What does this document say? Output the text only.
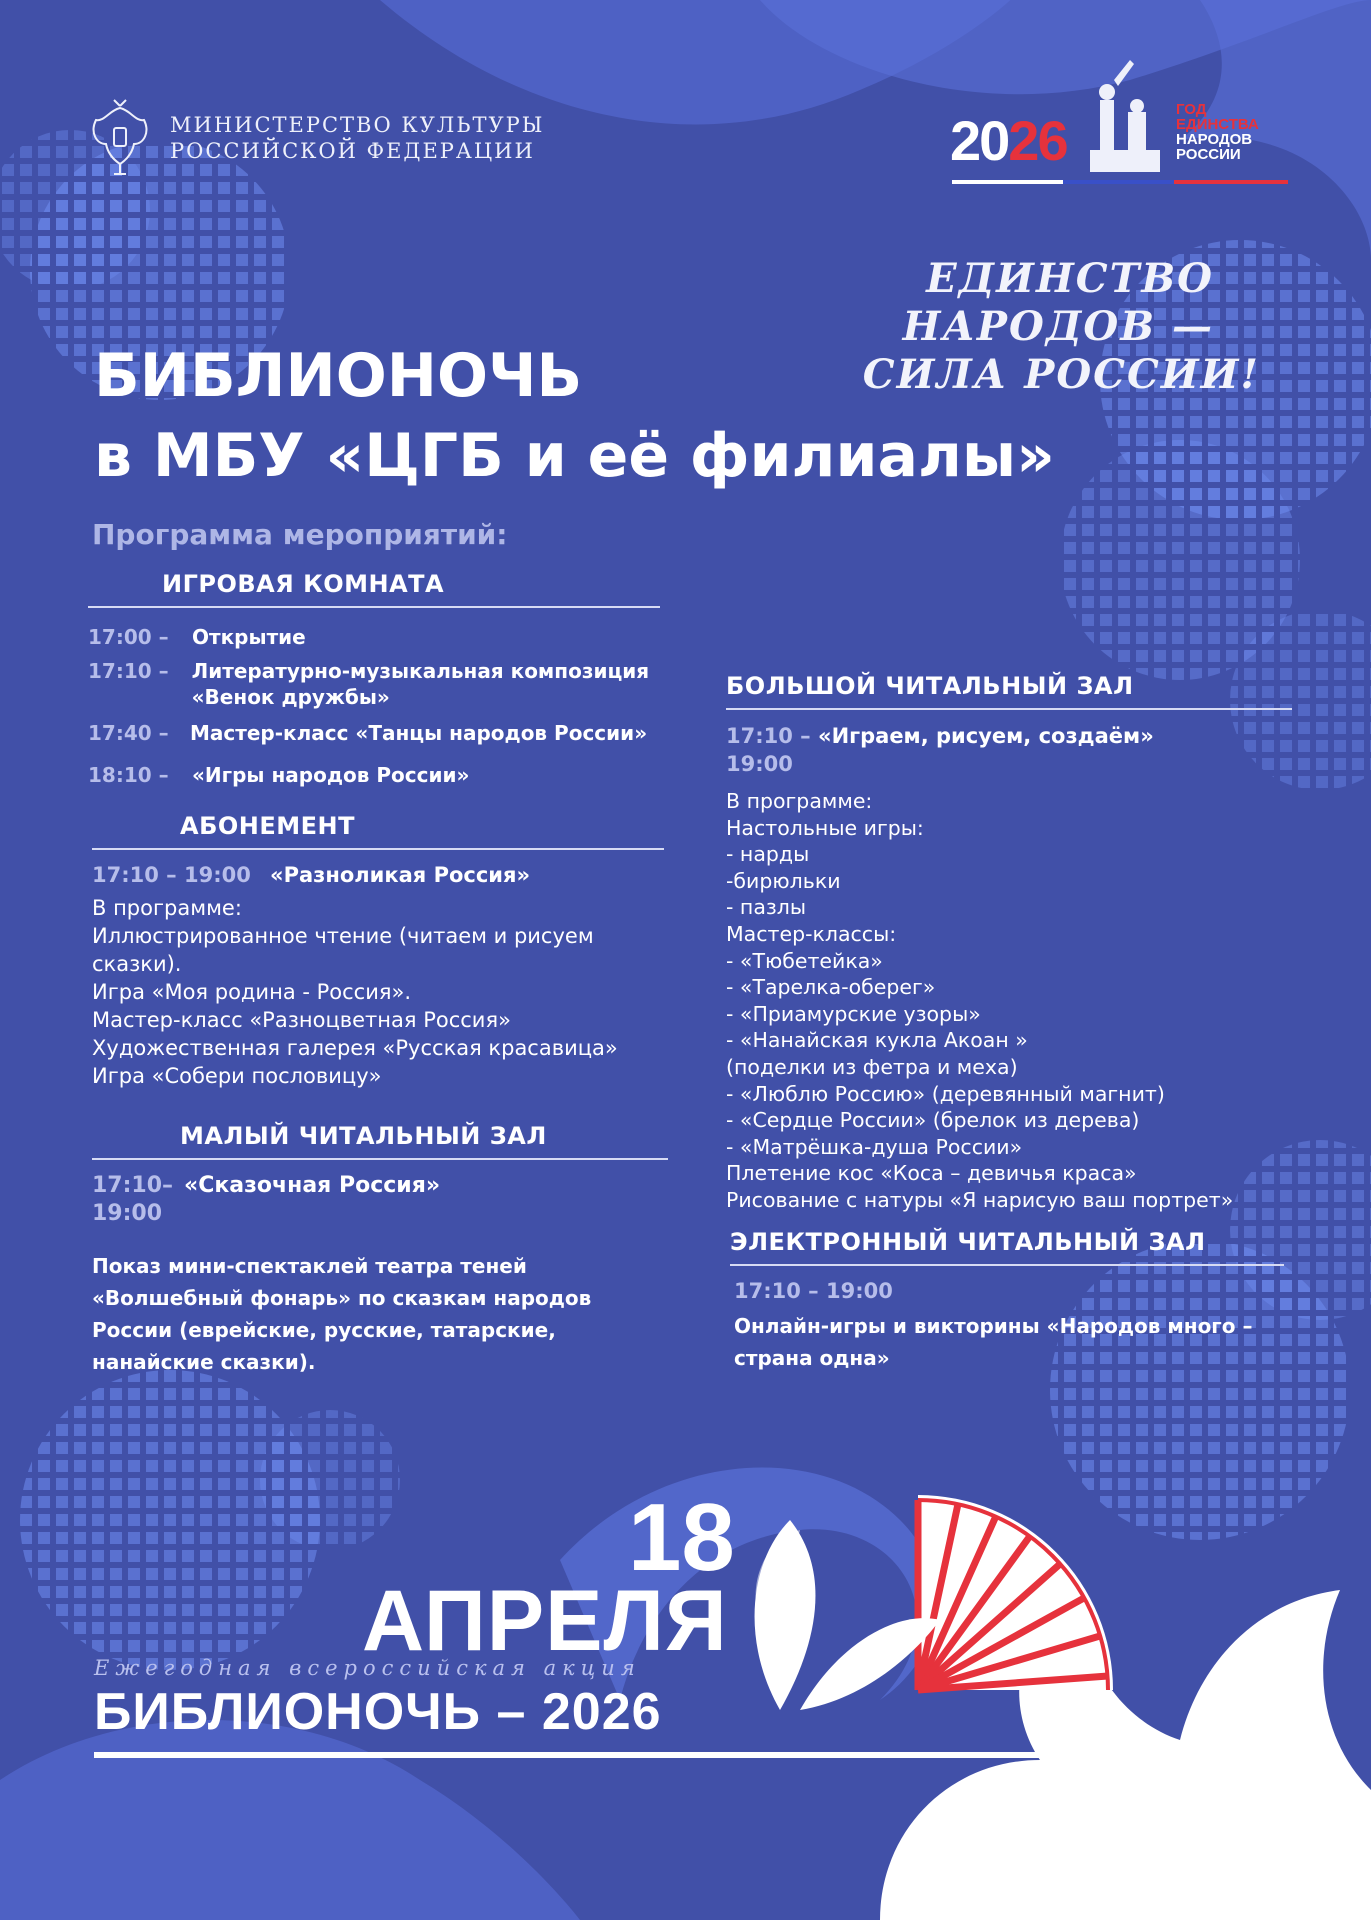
МИНИСТЕРСТВО КУЛЬТУРЫ
РОССИЙСКОЙ ФЕДЕРАЦИИ	2026	ГОД
ЕДИНСТВА
НАРОДОВ
РОССИИ
ЕДИНСТВО НАРОДОВ —
СИЛА РОССИИ!
БИБЛИОНОЧЬ
в МБУ «ЦГБ и её филиалы»
Программа мероприятий:
ИГРОВАЯ КОМНАТА
17:00 –	Открытие
17:10 –	Литературно-музыкальная композиция «Венок дружбы»
17:40 –	Мастер-класс «Танцы народов России»
18:10 –	«Игры народов России»
АБОНЕМЕНТ
17:10 – 19:00 «Разноликая Россия»
В программе:
Иллюстрированное чтение (читаем и рисуем
сказки).
Игра «Моя родина - Россия».
Мастер-класс «Разноцветная Россия»
Художественная галерея «Русская красавица»
Игра «Собери пословицу»
МАЛЫЙ ЧИТАЛЬНЫЙ ЗАЛ
17:10–
19:00
«Сказочная Россия»
Показ мини-спектаклей театра теней
«Волшебный фонарь» по сказкам народов
России (еврейские, русские, татарские,
нанайские сказки).
БОЛЬШОЙ ЧИТАЛЬНЫЙ ЗАЛ
17:10 –
19:00
«Играем, рисуем, создаём»
В программе:
Настольные игры:
- нарды
-бирюльки
- пазлы
Мастер-классы:
- «Тюбетейка»
- «Тарелка-оберег»
- «Приамурские узоры»
- «Нанайская кукла Акоан »
(поделки из фетра и меха)
- «Люблю Россию» (деревянный магнит)
- «Сердце России» (брелок из дерева)
- «Матрёшка-душа России»
Плетение кос «Коса – девичья краса»
Рисование с натуры «Я нарисую ваш портрет»
ЭЛЕКТРОННЫЙ ЧИТАЛЬНЫЙ ЗАЛ
17:10 – 19:00
Онлайн-игры и викторины «Народов много –
страна одна»
18
АПРЕЛЯ
Ежегодная всероссийская акция
БИБЛИОНОЧЬ – 2026
